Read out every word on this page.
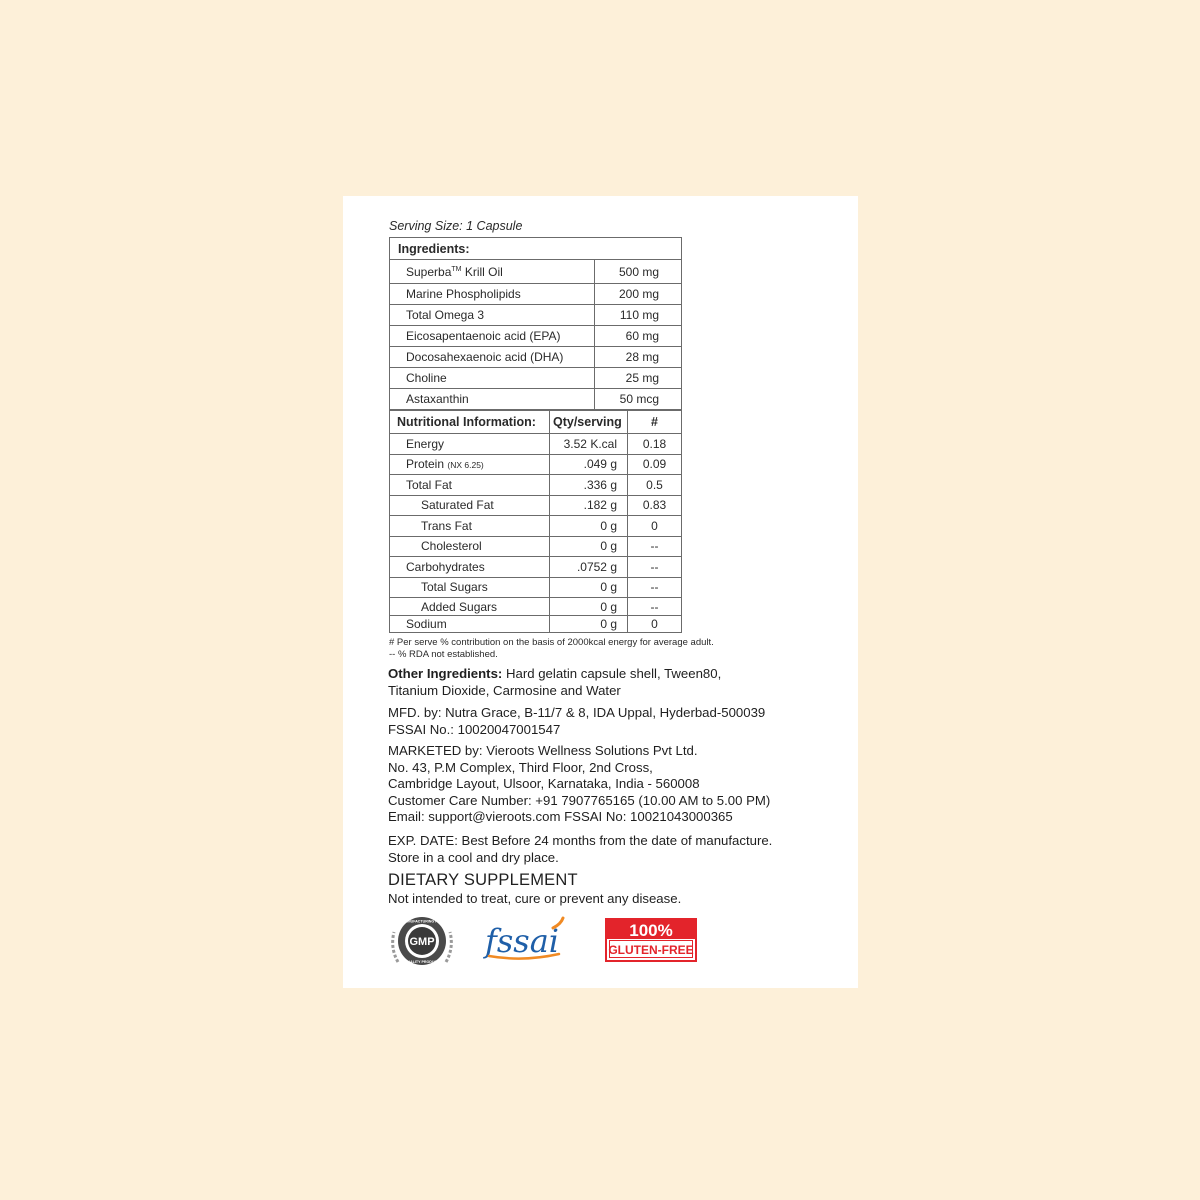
Serving Size: 1 Capsule
Ingredients:	
Superba™ Krill Oil	500 mg
Marine Phospholipids	200 mg
Total Omega 3	110 mg
Eicosapentaenoic acid (EPA)	60 mg
Docosahexaenoic acid (DHA)	28 mg
Choline	25 mg
Astaxanthin	50 mcg
Nutritional Information:	Qty/serving	#
Energy	3.52 K.cal	0.18
Protein (NX 6.25)	.049 g	0.09
Total Fat	.336 g	0.5
Saturated Fat	.182 g	0.83
Trans Fat	0 g	0
Cholesterol	0 g	--
Carbohydrates	.0752 g	--
Total Sugars	0 g	--
Added Sugars	0 g	--
Sodium	0 g	0
# Per serve % contribution on the basis of 2000kcal energy for average adult.
-- % RDA not established.
Other Ingredients: Hard gelatin capsule shell, Tween80,
Titanium Dioxide, Carmosine and Water
MFD. by: Nutra Grace, B-11/7 & 8, IDA Uppal, Hyderbad-500039
FSSAI No.: 10020047001547
MARKETED by: Vieroots Wellness Solutions Pvt Ltd.
No. 43, P.M Complex, Third Floor, 2nd Cross,
Cambridge Layout, Ulsoor, Karnataka, India - 560008
Customer Care Number: +91 7907765165 (10.00 AM to 5.00 PM)
Email: support@vieroots.com FSSAI No: 10021043000365
EXP. DATE: Best Before 24 months from the date of manufacture.
Store in a cool and dry place.
DIETARY SUPPLEMENT
Not intended to treat, cure or prevent any disease.
GMP
GOOD MANUFACTURING PRACTICE
QUALITY PRODUCT
fssai	100%
GLUTEN-FREE
